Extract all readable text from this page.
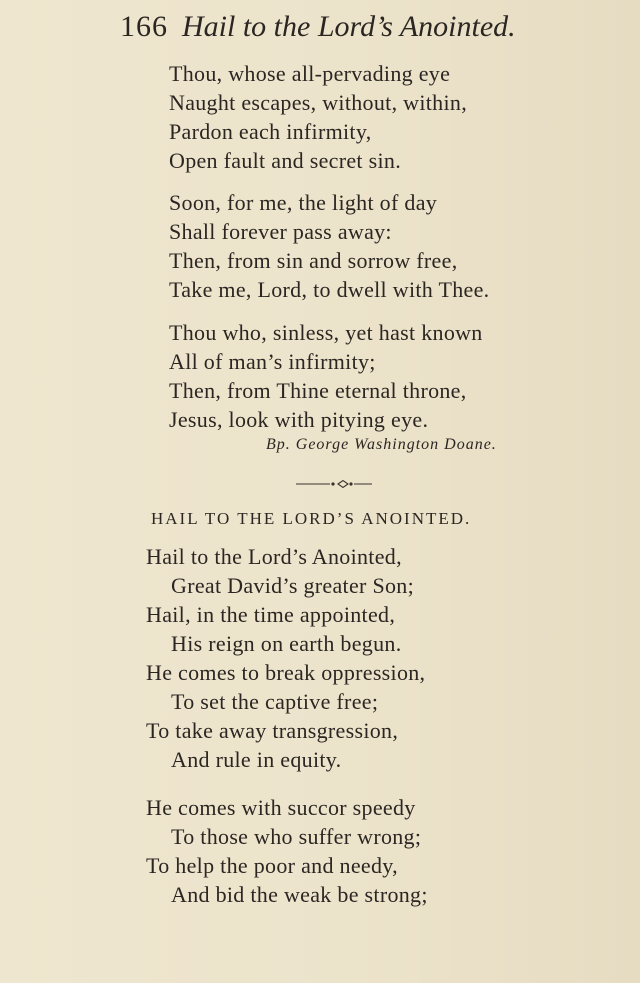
166 Hail to the Lord’s Anointed.
Thou, whose all-pervading eye
Naught escapes, without, within,
Pardon each infirmity,
Open fault and secret sin.
Soon, for me, the light of day
Shall forever pass away:
Then, from sin and sorrow free,
Take me, Lord, to dwell with Thee.
Thou who, sinless, yet hast known
All of man’s infirmity;
Then, from Thine eternal throne,
Jesus, look with pitying eye.
Bp. George Washington Doane.
HAIL TO THE LORD’S ANOINTED.
Hail to the Lord’s Anointed,
Great David’s greater Son;
Hail, in the time appointed,
His reign on earth begun.
He comes to break oppression,
To set the captive free;
To take away transgression,
And rule in equity.
He comes with succor speedy
To those who suffer wrong;
To help the poor and needy,
And bid the weak be strong;
